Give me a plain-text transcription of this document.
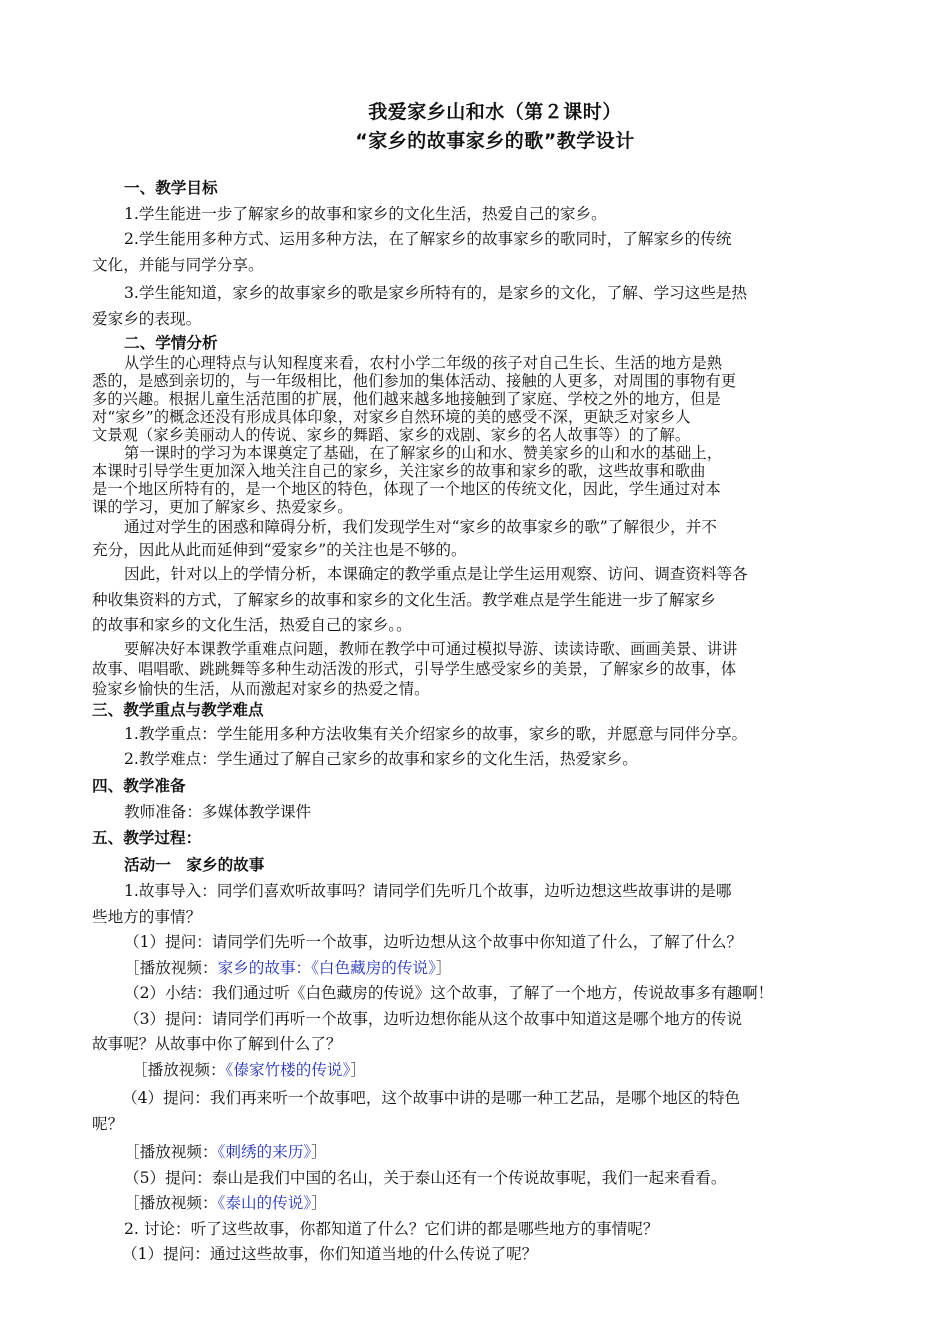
我爱家乡山和水（第２课时）
“家乡的故事家乡的歌”教学设计

一、教学目标

1.学生能进一步了解家乡的故事和家乡的文化生活，热爱自己的家乡。

2.学生能用多种方式、运用多种方法，在了解家乡的故事家乡的歌同时，了解家乡的传统

文化，并能与同学分享。

3.学生能知道，家乡的故事家乡的歌是家乡所特有的，是家乡的文化，了解、学习这些是热

爱家乡的表现。

二、学情分析

从学生的心理特点与认知程度来看，农村小学二年级的孩子对自己生长、生活的地方是熟

悉的，是感到亲切的，与一年级相比，他们参加的集体活动、接触的人更多，对周围的事物有更

多的兴趣。根据儿童生活范围的扩展，他们越来越多地接触到了家庭、学校之外的地方，但是

对“家乡”的概念还没有形成具体印象，对家乡自然环境的美的感受不深，更缺乏对家乡人

文景观（家乡美丽动人的传说、家乡的舞蹈、家乡的戏剧、家乡的名人故事等）的了解。

第一课时的学习为本课奠定了基础，在了解家乡的山和水、赞美家乡的山和水的基础上，

本课时引导学生更加深入地关注自己的家乡，关注家乡的故事和家乡的歌，这些故事和歌曲

是一个地区所特有的，是一个地区的特色，体现了一个地区的传统文化，因此，学生通过对本

课的学习，更加了解家乡、热爱家乡。

通过对学生的困惑和障碍分析，我们发现学生对“家乡的故事家乡的歌”了解很少，并不

充分，因此从此而延伸到“爱家乡”的关注也是不够的。

因此，针对以上的学情分析，本课确定的教学重点是让学生运用观察、访问、调查资料等各

种收集资料的方式，了解家乡的故事和家乡的文化生活。教学难点是学生能进一步了解家乡

的故事和家乡的文化生活，热爱自己的家乡。。

要解决好本课教学重难点问题，教师在教学中可通过模拟导游、读读诗歌、画画美景、讲讲

故事、唱唱歌、跳跳舞等多种生动活泼的形式，引导学生感受家乡的美景，了解家乡的故事，体

验家乡愉快的生活，从而激起对家乡的热爱之情。

三、教学重点与教学难点

1.教学重点：学生能用多种方法收集有关介绍家乡的故事，家乡的歌，并愿意与同伴分享。

2.教学难点：学生通过了解自己家乡的故事和家乡的文化生活，热爱家乡。

四、教学准备

教师准备：多媒体教学课件

五、教学过程：

活动一　家乡的故事

1.故事导入：同学们喜欢听故事吗？请同学们先听几个故事，边听边想这些故事讲的是哪

些地方的事情？

（1）提问：请同学们先听一个故事，边听边想从这个故事中你知道了什么，了解了什么？

［播放视频：家乡的故事：《白色藏房的传说》］

（2）小结：我们通过听《白色藏房的传说》这个故事，了解了一个地方，传说故事多有趣啊！

（3）提问：请同学们再听一个故事，边听边想你能从这个故事中知道这是哪个地方的传说

故事呢？从故事中你了解到什么了？

［播放视频：《傣家竹楼的传说》］

（4）提问：我们再来听一个故事吧，这个故事中讲的是哪一种工艺品，是哪个地区的特色

呢？

［播放视频：《刺绣的来历》］

（5）提问：泰山是我们中国的名山，关于泰山还有一个传说故事呢，我们一起来看看。

［播放视频：《泰山的传说》］

2. 讨论：听了这些故事，你都知道了什么？它们讲的都是哪些地方的事情呢？

（1）提问：通过这些故事，你们知道当地的什么传说了呢？
